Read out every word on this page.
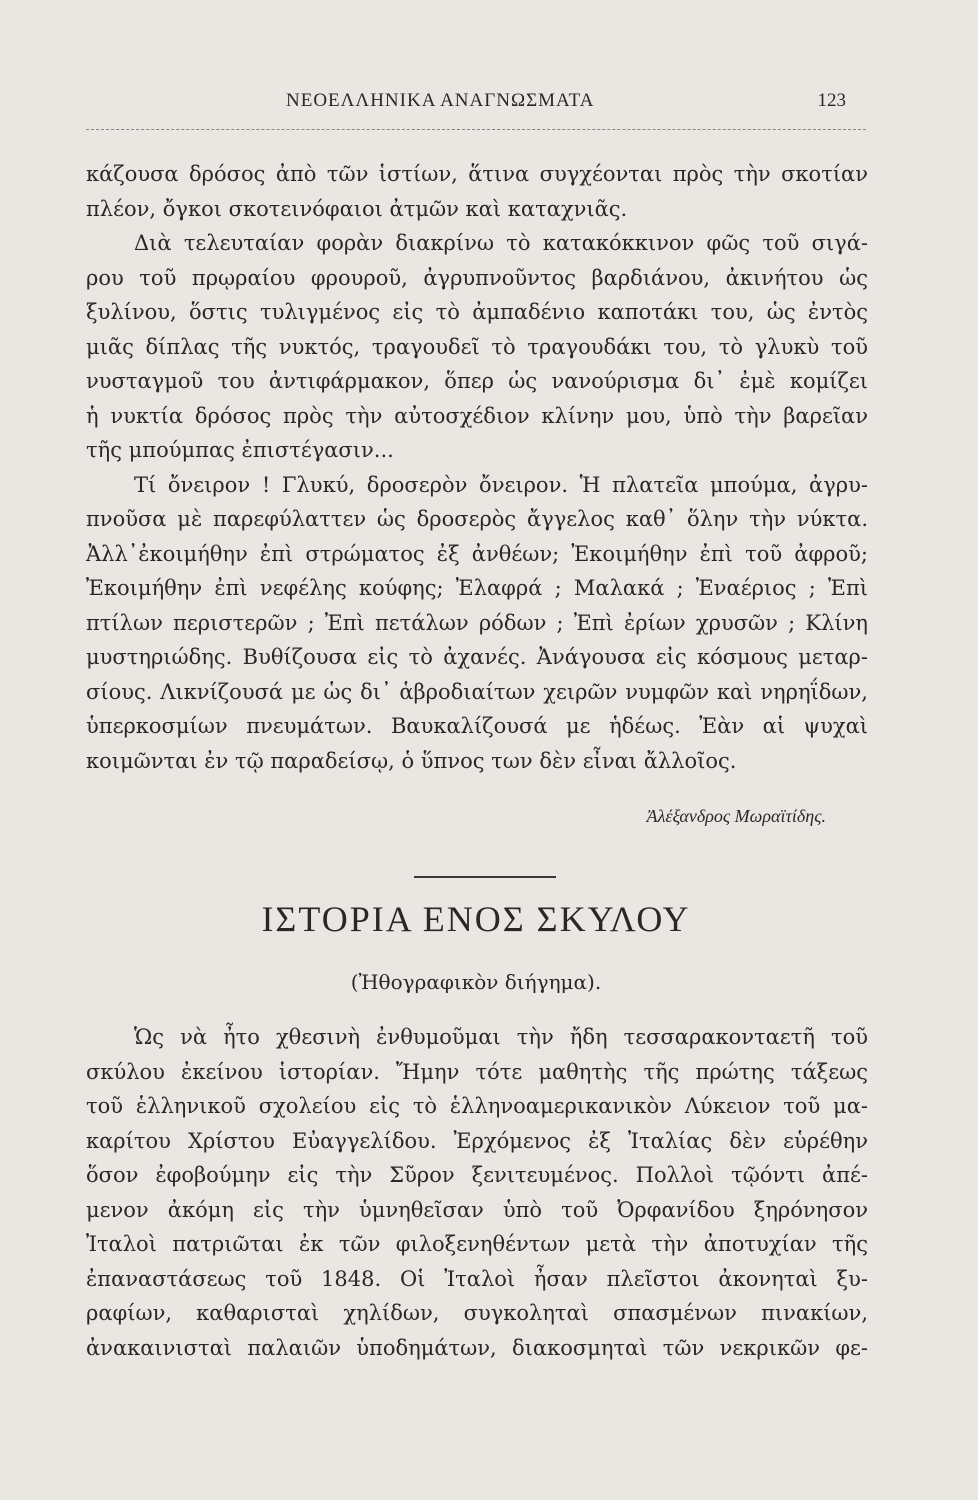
ΝΕΟΕΛΛΗΝΙΚΑ ΑΝΑΓΝΩΣΜΑΤΑ	123
κάζουσα δρόσος ἀπὸ τῶν ἱστίων, ἅτινα συγχέονται πρὸς τὴν σκοτίαν
πλέον, ὄγκοι σκοτεινόφαιοι ἀτμῶν καὶ καταχνιᾶς.
Διὰ τελευταίαν φορὰν διακρίνω τὸ κατακόκκινον φῶς τοῦ σιγά-
ρου τοῦ πρῳραίου φρουροῦ, ἀγρυπνοῦντος βαρδιάνου, ἀκινήτου ὡς
ξυλίνου, ὅστις τυλιγμένος εἰς τὸ ἀμπαδένιο καποτάκι του, ὡς ἐντὸς
μιᾶς δίπλας τῆς νυκτός, τραγουδεῖ τὸ τραγουδάκι του, τὸ γλυκὺ τοῦ
νυσταγμοῦ του ἀντιφάρμακον, ὅπερ ὡς νανούρισμα δι᾽ ἐμὲ κομίζει
ἡ νυκτία δρόσος πρὸς τὴν αὐτοσχέδιον κλίνην μου, ὑπὸ τὴν βαρεῖαν
τῆς μπούμπας ἐπιστέγασιν...
Τί ὄνειρον ! Γλυκύ, δροσερὸν ὄνειρον. Ἡ πλατεῖα μπούμα, ἀγρυ-
πνοῦσα μὲ παρεφύλαττεν ὡς δροσερὸς ἄγγελος καθ᾽ ὅλην τὴν νύκτα.
Ἀλλ᾽ἐκοιμήθην ἐπὶ στρώματος ἐξ ἀνθέων; Ἐκοιμήθην ἐπὶ τοῦ ἀφροῦ;
Ἐκοιμήθην ἐπὶ νεφέλης κούφης; Ἐλαφρά ; Μαλακά ; Ἐναέριος ; Ἐπὶ
πτίλων περιστερῶν ; Ἐπὶ πετάλων ρόδων ; Ἐπὶ ἐρίων χρυσῶν ; Κλίνη
μυστηριώδης. Βυθίζουσα εἰς τὸ ἀχανές. Ἀνάγουσα εἰς κόσμους μεταρ-
σίους. Λικνίζουσά με ὡς δι᾽ ἁβροδιαίτων χειρῶν νυμφῶν καὶ νηρηΐδων,
ὑπερκοσμίων πνευμάτων. Βαυκαλίζουσά με ἡδέως. Ἐὰν αἱ ψυχαὶ
κοιμῶνται ἐν τῷ παραδείσῳ, ὁ ὕπνος των δὲν εἶναι ἄλλοῖος.
Ἀλέξανδρος Μωραϊτίδης.
ΙΣΤΟΡΙΑ ΕΝΟΣ ΣΚΥΛΟΥ
(Ἠθογραφικὸν διήγημα).
Ὡς νὰ ἦτο χθεσινὴ ἐνθυμοῦμαι τὴν ἤδη τεσσαρακονταετῆ τοῦ
σκύλου ἐκείνου ἱστορίαν. Ἤμην τότε μαθητὴς τῆς πρώτης τάξεως
τοῦ ἑλληνικοῦ σχολείου εἰς τὸ ἑλληνοαμερικανικὸν Λύκειον τοῦ μα-
καρίτου Χρίστου Εὐαγγελίδου. Ἐρχόμενος ἐξ Ἰταλίας δὲν εὑρέθην
ὅσον ἐφοβούμην εἰς τὴν Σῦρον ξενιτευμένος. Πολλοὶ τῷόντι ἀπέ-
μενον ἀκόμη εἰς τὴν ὑμνηθεῖσαν ὑπὸ τοῦ Ὀρφανίδου ξηρόνησον
Ἰταλοὶ πατριῶται ἐκ τῶν φιλοξενηθέντων μετὰ τὴν ἀποτυχίαν τῆς
ἐπαναστάσεως τοῦ 1848. Οἱ Ἰταλοὶ ἦσαν πλεῖστοι ἀκονηταὶ ξυ-
ραφίων, καθαρισταὶ χηλίδων, συγκοληταὶ σπασμένων πινακίων,
ἀνακαινισταὶ παλαιῶν ὑποδημάτων, διακοσμηταὶ τῶν νεκρικῶν φε-
